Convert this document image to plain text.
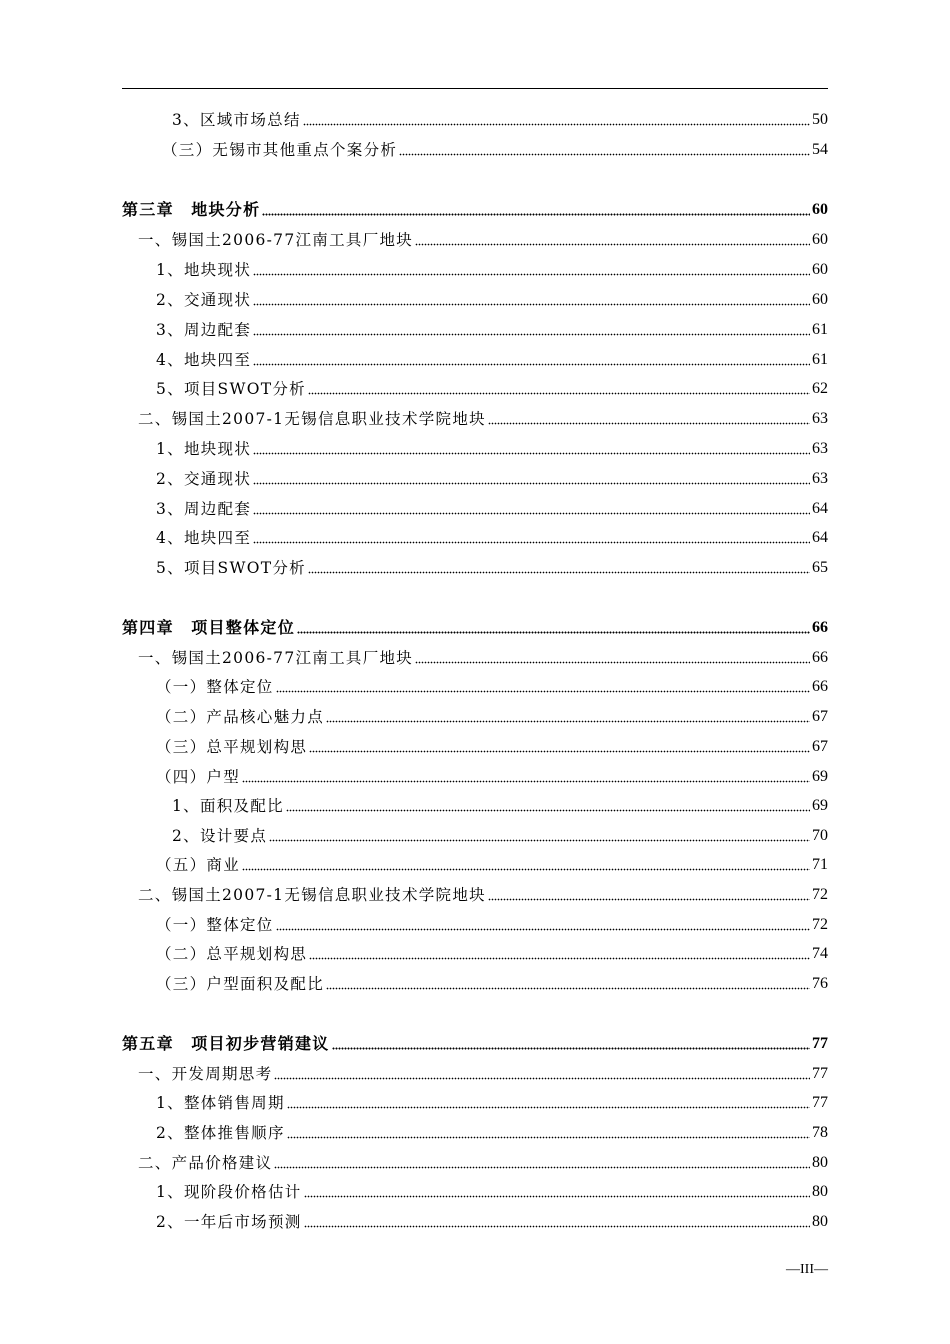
3、区域市场总结	50
（三）无锡市其他重点个案分析	54
第三章　地块分析	60
一、锡国土2006-77江南工具厂地块	60
1、地块现状	60
2、交通现状	60
3、周边配套	61
4、地块四至	61
5、项目SWOT分析	62
二、锡国土2007-1无锡信息职业技术学院地块	63
1、地块现状	63
2、交通现状	63
3、周边配套	64
4、地块四至	64
5、项目SWOT分析	65
第四章　项目整体定位	66
一、锡国土2006-77江南工具厂地块	66
（一）整体定位	66
（二）产品核心魅力点	67
（三）总平规划构思	67
（四）户型	69
1、面积及配比	69
2、设计要点	70
（五）商业	71
二、锡国土2007-1无锡信息职业技术学院地块	72
（一）整体定位	72
（二）总平规划构思	74
（三）户型面积及配比	76
第五章　项目初步营销建议	77
一、开发周期思考	77
1、整体销售周期	77
2、整体推售顺序	78
二、产品价格建议	80
1、现阶段价格估计	80
2、一年后市场预测	80
—III—
